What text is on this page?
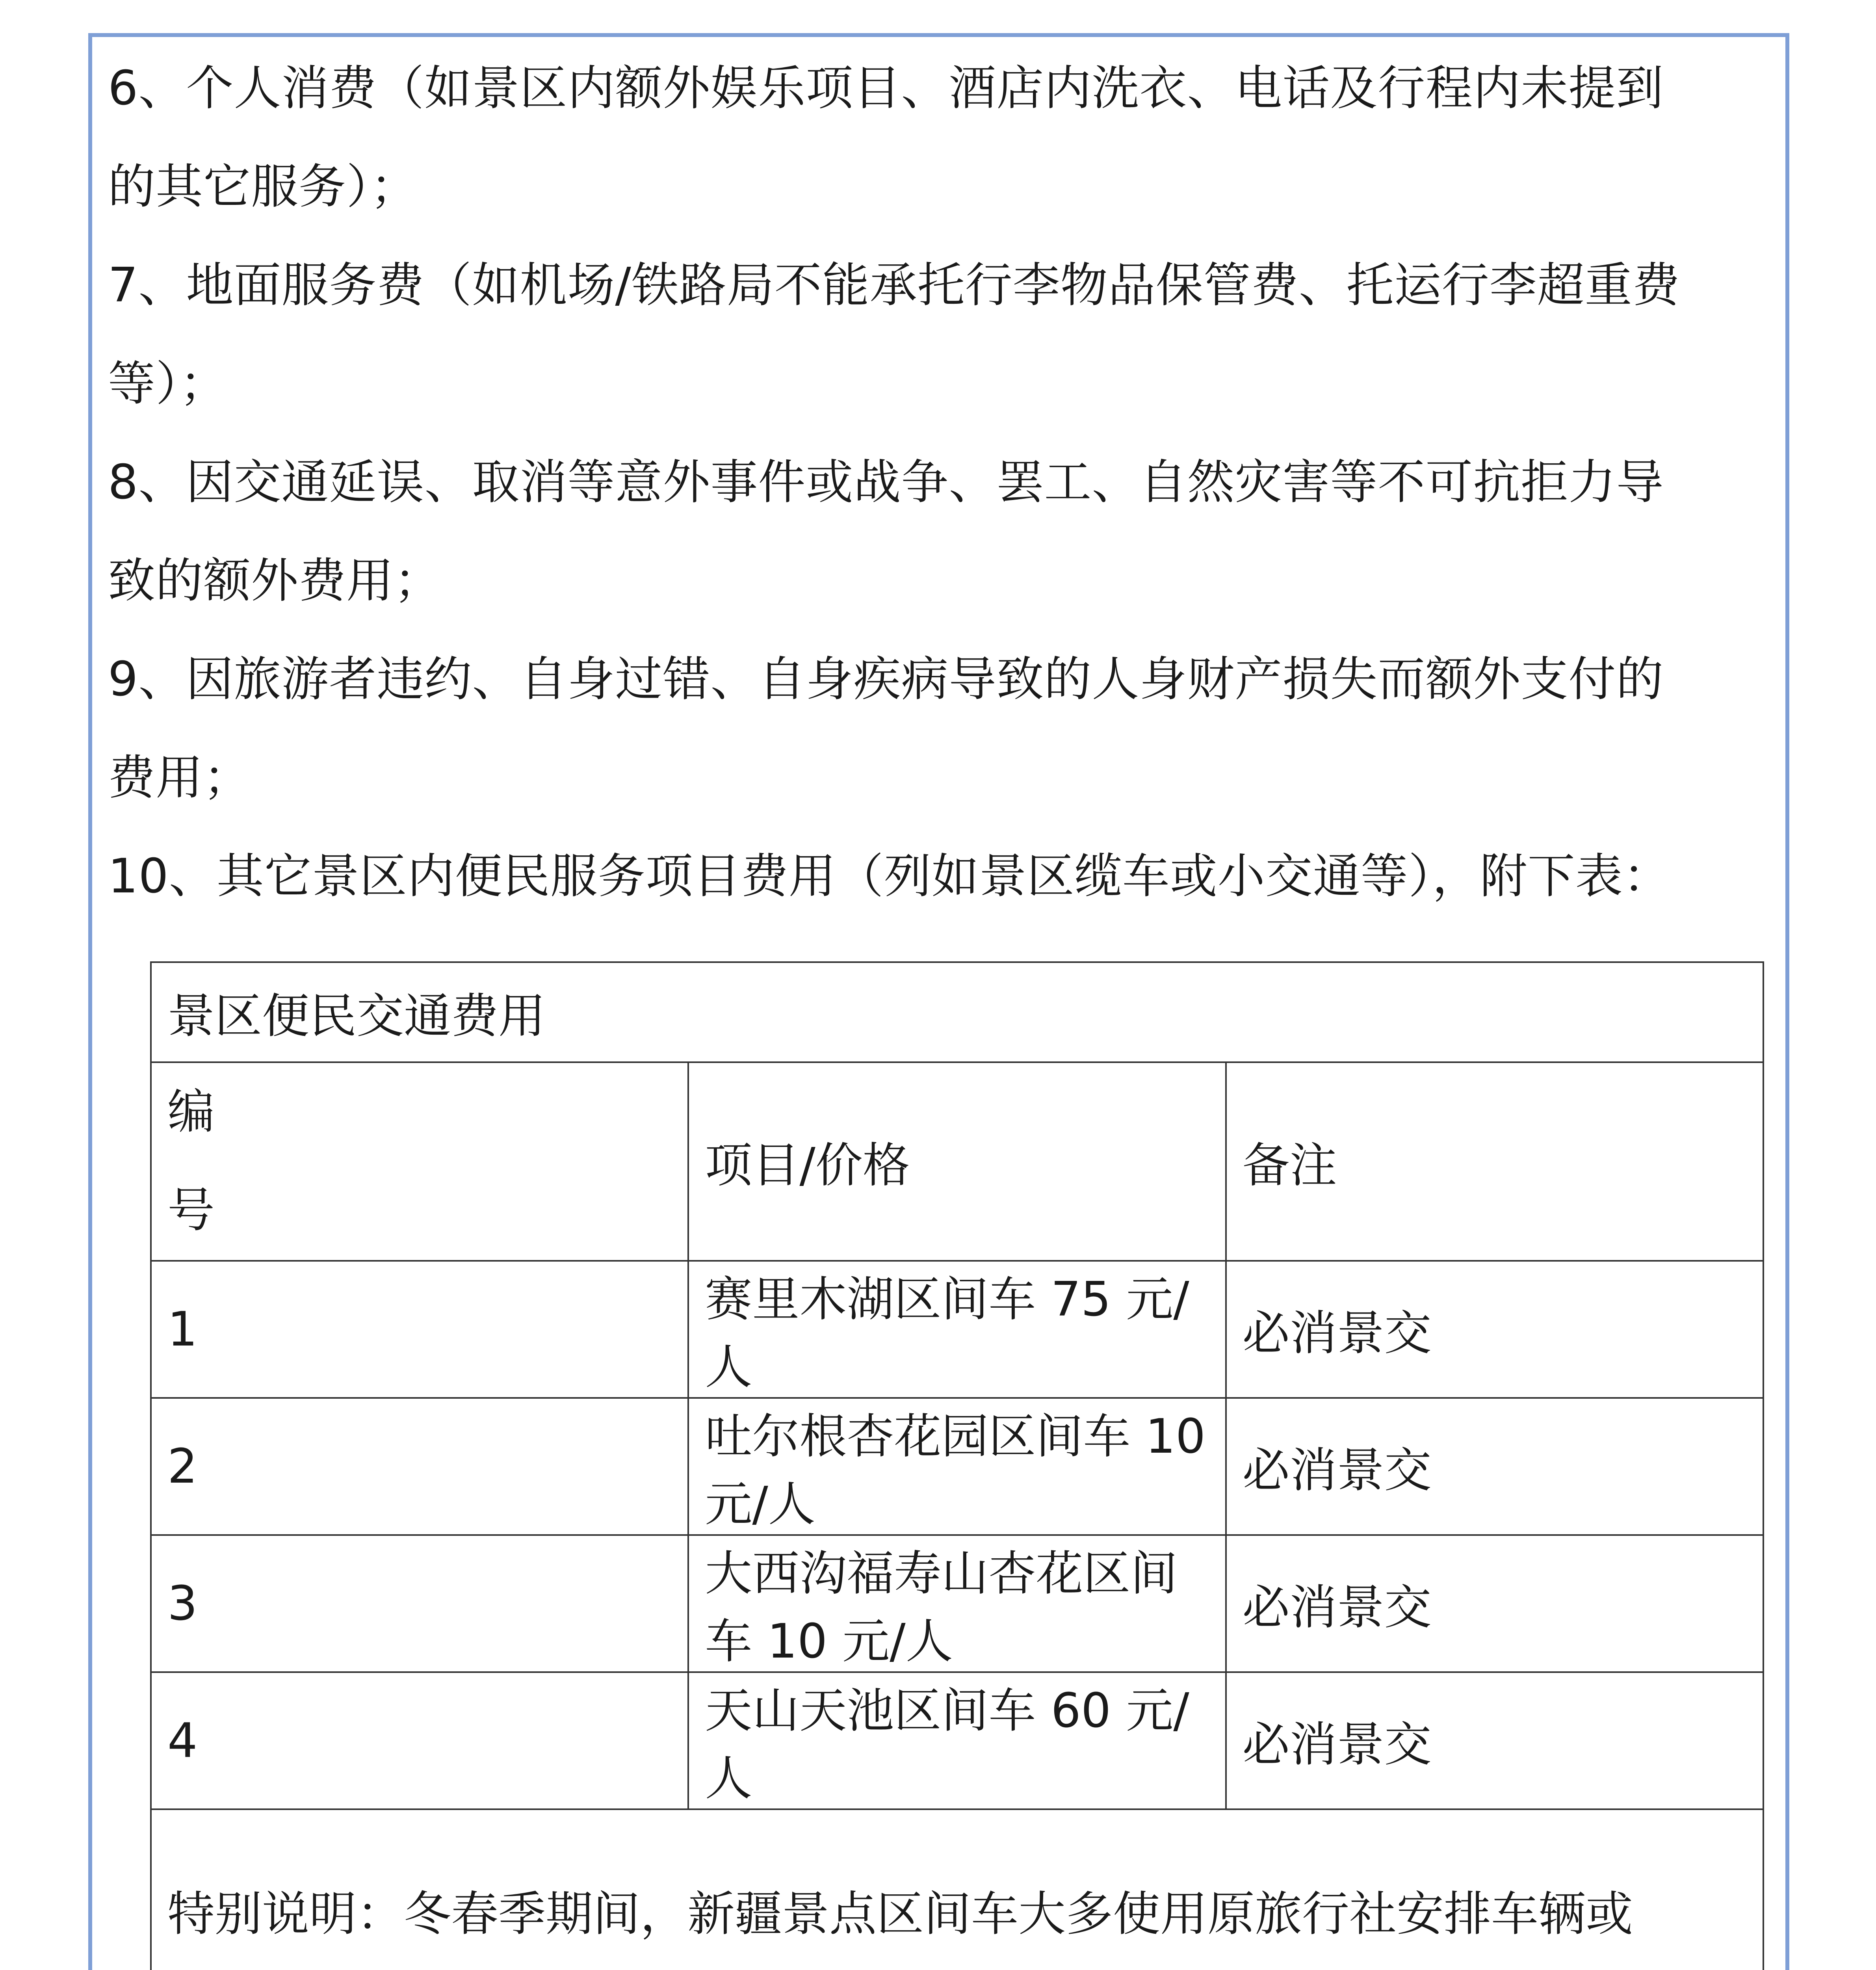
6、个人消费（如景区内额外娱乐项目、酒店内洗衣、电话及行程内未提到
的其它服务）；
7、地面服务费（如机场/铁路局不能承托行李物品保管费、托运行李超重费
等）；
8、因交通延误、取消等意外事件或战争、罢工、自然灾害等不可抗拒力导
致的额外费用；
9、因旅游者违约、自身过错、自身疾病导致的人身财产损失而额外支付的
费用；
10、其它景区内便民服务项目费用（列如景区缆车或小交通等），附下表：
景区便民交通费用		

编
号	项目/价格	备注
1	赛里木湖区间车 75 元/人	必消景交
2	吐尔根杏花园区间车 10 元/人	必消景交
3	大西沟福寿山杏花区间车 10 元/人	必消景交
4	天山天池区间车 60 元/人	必消景交

特别说明：冬春季期间，新疆景点区间车大多使用原旅行社安排车辆或		
